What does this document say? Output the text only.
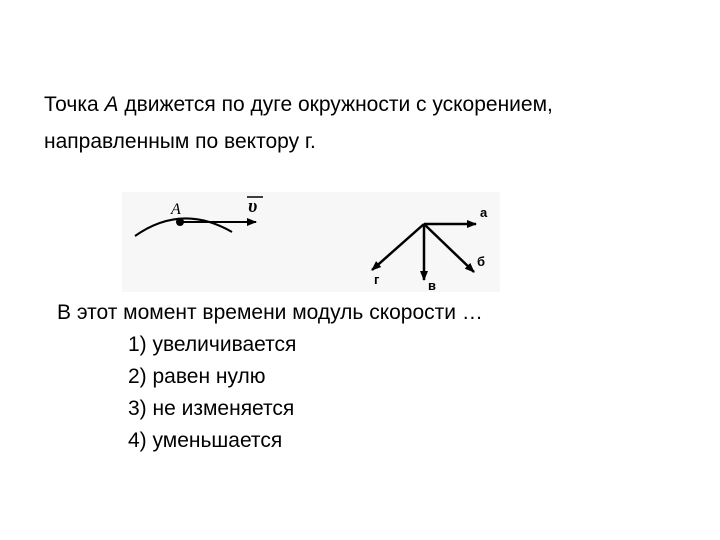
Точка A движется по дуге окружности с ускорением,
направленным по вектору г.
A	υ	а
б
в
г
В этот момент времени модуль скорости …
1) увеличивается
2) равен нулю
3) не изменяется
4) уменьшается
